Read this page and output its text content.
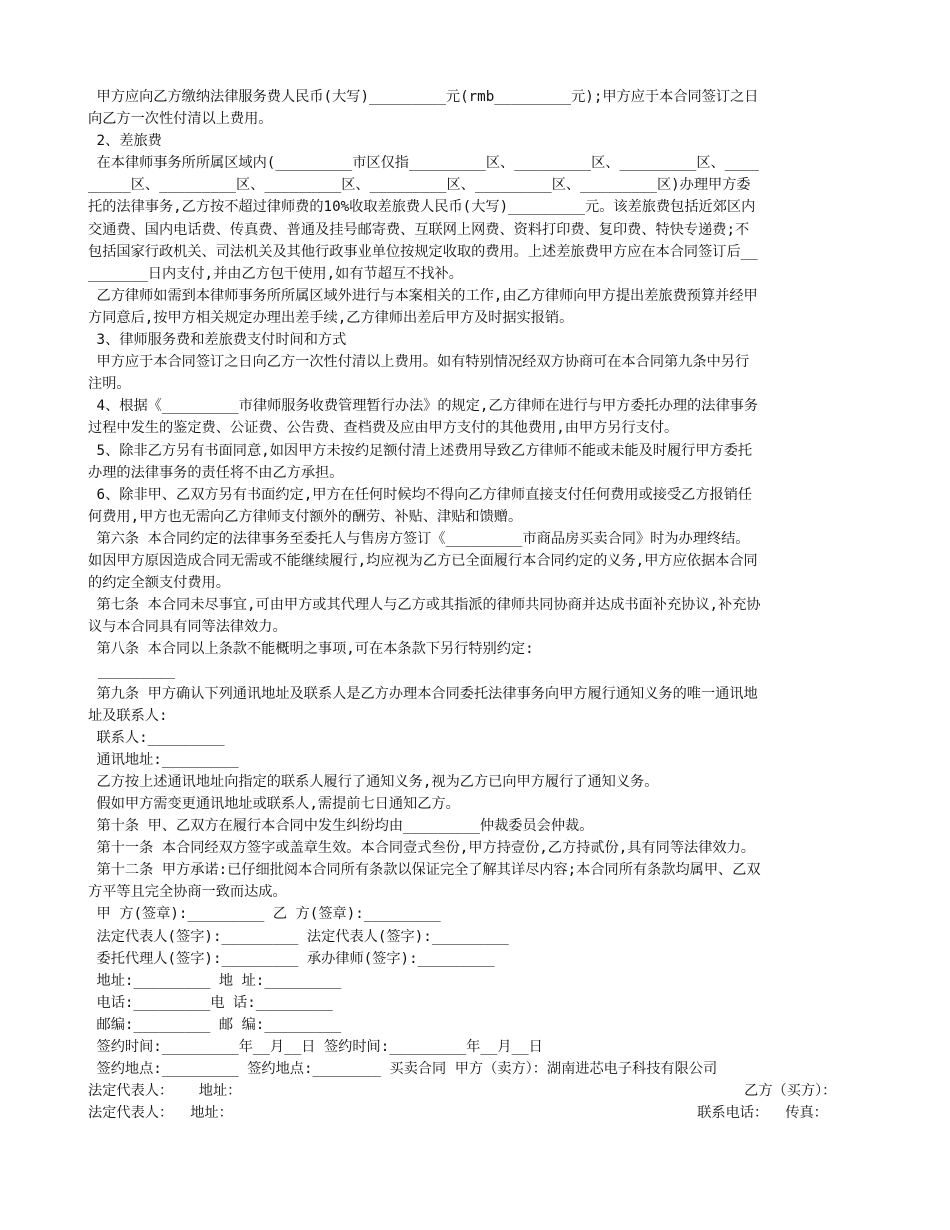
甲方应向乙方缴纳法律服务费人民币(大写)_________元(rmb_________元);甲方应于本合同签订之日
向乙方一次性付清以上费用。
2、差旅费
在本律师事务所所属区域内(_________市区仅指_________区、_________区、_________区、____
_____区、_________区、_________区、_________区、_________区、_________区)办理甲方委
托的法律事务,乙方按不超过律师费的10%收取差旅费人民币(大写)_________元。该差旅费包括近郊区内
交通费、国内电话费、传真费、普通及挂号邮寄费、互联网上网费、资料打印费、复印费、特快专递费;不
包括国家行政机关、司法机关及其他行政事业单位按规定收取的费用。上述差旅费甲方应在本合同签订后__
_______日内支付,并由乙方包干使用,如有节超互不找补。
乙方律师如需到本律师事务所所属区域外进行与本案相关的工作,由乙方律师向甲方提出差旅费预算并经甲
方同意后,按甲方相关规定办理出差手续,乙方律师出差后甲方及时据实报销。
3、律师服务费和差旅费支付时间和方式
甲方应于本合同签订之日向乙方一次性付清以上费用。如有特别情况经双方协商可在本合同第九条中另行
注明。
4、根据《_________市律师服务收费管理暂行办法》的规定,乙方律师在进行与甲方委托办理的法律事务
过程中发生的鉴定费、公证费、公告费、查档费及应由甲方支付的其他费用,由甲方另行支付。
5、除非乙方另有书面同意,如因甲方未按约足额付清上述费用导致乙方律师不能或未能及时履行甲方委托
办理的法律事务的责任将不由乙方承担。
6、除非甲、乙双方另有书面约定,甲方在任何时候均不得向乙方律师直接支付任何费用或接受乙方报销任
何费用,甲方也无需向乙方律师支付额外的酬劳、补贴、津贴和馈赠。
第六条 本合同约定的法律事务至委托人与售房方签订《_________市商品房买卖合同》时为办理终结。
如因甲方原因造成合同无需或不能继续履行,均应视为乙方已全面履行本合同约定的义务,甲方应依据本合同
的约定全额支付费用。
第七条 本合同未尽事宜,可由甲方或其代理人与乙方或其指派的律师共同协商并达成书面补充协议,补充协
议与本合同具有同等法律效力。
第八条 本合同以上条款不能概明之事项,可在本条款下另行特别约定:
_________
第九条 甲方确认下列通讯地址及联系人是乙方办理本合同委托法律事务向甲方履行通知义务的唯一通讯地
址及联系人:
联系人:_________
通讯地址:_________
乙方按上述通讯地址向指定的联系人履行了通知义务,视为乙方已向甲方履行了通知义务。
假如甲方需变更通讯地址或联系人,需提前七日通知乙方。
第十条 甲、乙双方在履行本合同中发生纠纷均由_________仲裁委员会仲裁。
第十一条 本合同经双方签字或盖章生效。本合同壹式叁份,甲方持壹份,乙方持贰份,具有同等法律效力。
第十二条 甲方承诺:已仔细批阅本合同所有条款以保证完全了解其详尽内容;本合同所有条款均属甲、乙双
方平等且完全协商一致而达成。
甲 方(签章):_________ 乙 方(签章):_________
法定代表人(签字):_________ 法定代表人(签字):_________
委托代理人(签字):_________ 承办律师(签字):_________
地址:_________ 地 址:_________
电话:_________电 话:_________
邮编:_________ 邮 编:_________
签约时间:_________年__月__日 签约时间:_________年__月__日
签约地点:_________ 签约地点:________ 买卖合同 甲方（卖方）：湖南进芯电子科技有限公司
法定代表人：   地址：	乙方（买方）：
法定代表人：  地址：	联系电话：  传真：
